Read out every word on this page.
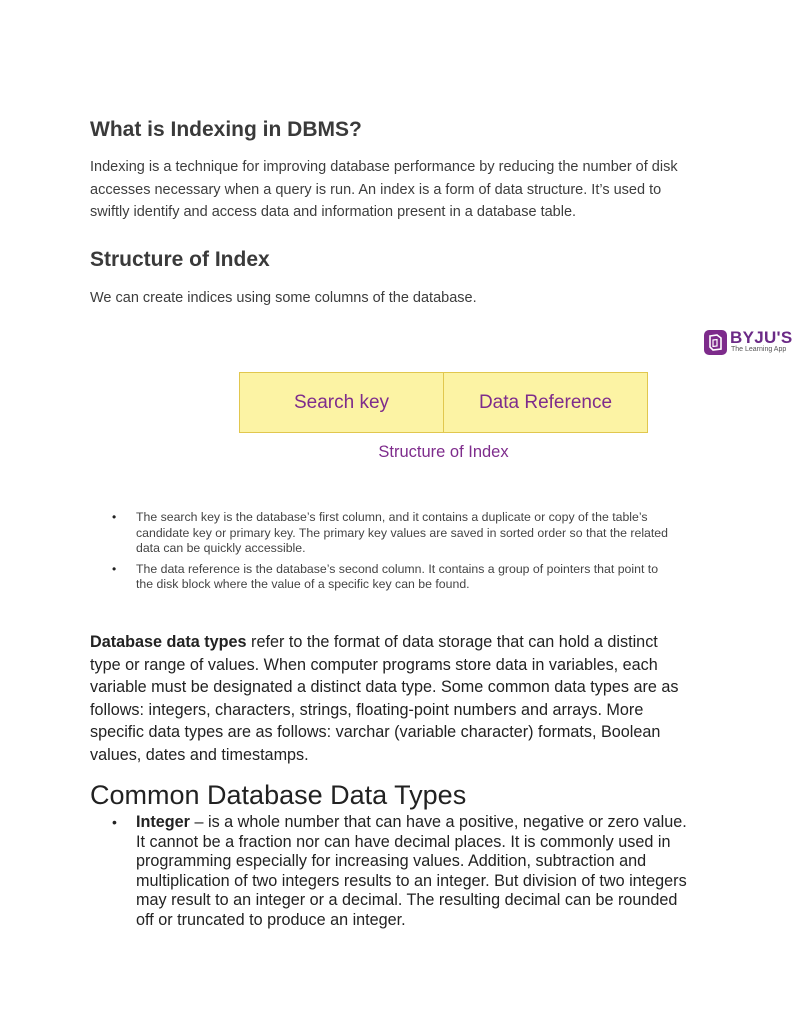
What is Indexing in DBMS?

Indexing is a technique for improving database performance by reducing the number of disk accesses necessary when a query is run. An index is a form of data structure. It’s used to swiftly identify and access data and information present in a database table.

Structure of Index

We can create indices using some columns of the database.

BYJU'S
The Learning App
Search key	Data Reference
Structure of Index
• The search key is the database’s first column, and it contains a duplicate or copy of the table’s candidate key or primary key. The primary key values are saved in sorted order so that the related data can be quickly accessible.
• The data reference is the database’s second column. It contains a group of pointers that point to the disk block where the value of a specific key can be found.

Database data types refer to the format of data storage that can hold a distinct type or range of values. When computer programs store data in variables, each variable must be designated a distinct data type. Some common data types are as follows: integers, characters, strings, floating-point numbers and arrays. More specific data types are as follows: varchar (variable character) formats, Boolean values, dates and timestamps.

Common Database Data Types
• Integer – is a whole number that can have a positive, negative or zero value. It cannot be a fraction nor can have decimal places. It is commonly used in programming especially for increasing values. Addition, subtraction and multiplication of two integers results to an integer. But division of two integers may result to an integer or a decimal. The resulting decimal can be rounded off or truncated to produce an integer.
